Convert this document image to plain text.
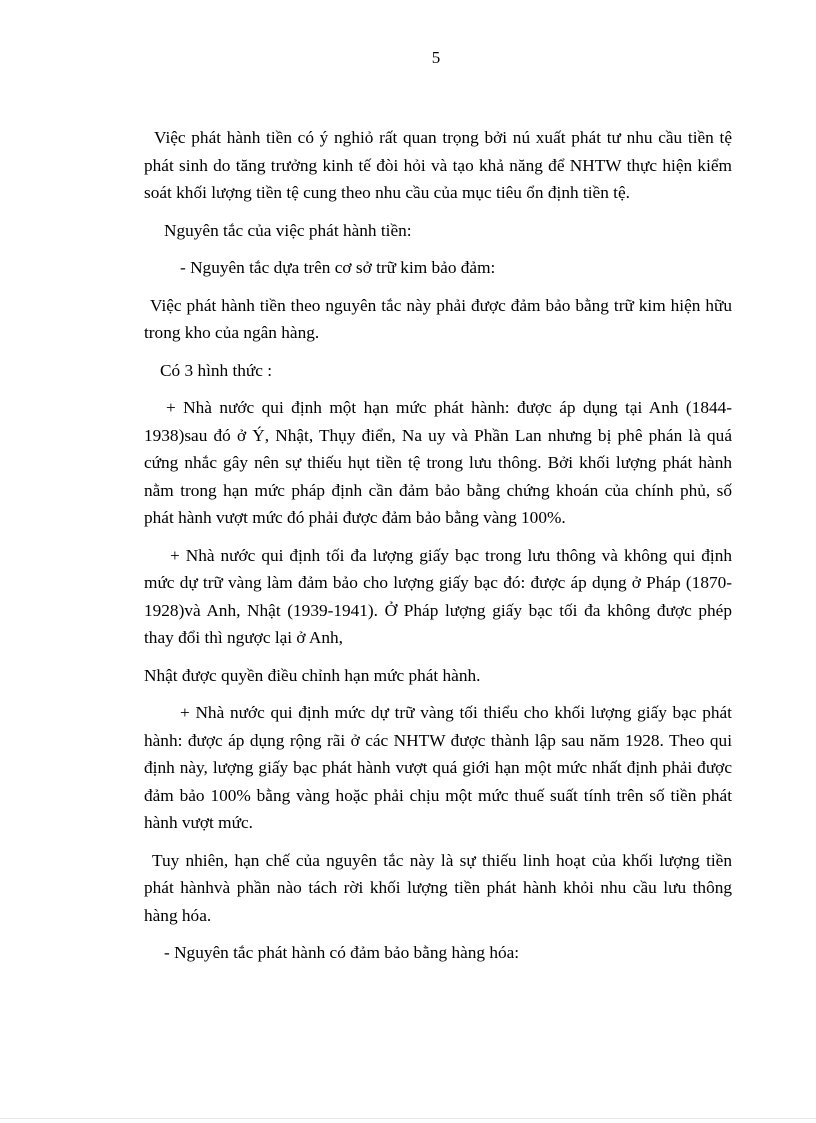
5

Việc phát hành tiền có ý nghiỏ rất quan trọng bởi nú xuất phát tư nhu cầu tiền tệ phát sinh do tăng trưởng kinh tế đòi hỏi và tạo khả năng để NHTW thực hiện kiểm soát khối lượng tiền tệ cung theo nhu cầu của mục tiêu ổn định tiền tệ.

Nguyên tắc của việc phát hành tiền:

- Nguyên tắc dựa trên cơ sở trữ kim bảo đảm:

Việc phát hành tiền theo nguyên tắc này phải được đảm bảo bằng trữ kim hiện hữu trong kho của ngân hàng.

Có 3 hình thức :

+ Nhà nước qui định một hạn mức phát hành: được áp dụng tại Anh (1844-1938)sau đó ở Ý, Nhật, Thụy điển, Na uy và Phần Lan nhưng bị phê phán là quá cứng nhắc gây nên sự thiếu hụt tiền tệ trong lưu thông. Bởi khối lượng phát hành nằm trong hạn mức pháp định cần đảm bảo bằng chứng khoán của chính phủ, số phát hành vượt mức đó phải được đảm bảo bằng vàng 100%.

+ Nhà nước qui định tối đa lượng giấy bạc trong lưu thông và không qui định mức dự trữ vàng làm đảm bảo cho lượng giấy bạc đó: được áp dụng ở Pháp (1870-1928)và Anh, Nhật (1939-1941). Ở Pháp lượng giấy bạc tối đa không được phép thay đổi thì ngược lại ở Anh,

Nhật được quyền điều chỉnh hạn mức phát hành.

+ Nhà nước qui định mức dự trữ vàng tối thiểu cho khối lượng giấy bạc phát hành: được áp dụng rộng rãi ở các NHTW được thành lập sau năm 1928. Theo qui định này, lượng giấy bạc phát hành vượt quá giới hạn một mức nhất định phải được đảm bảo 100% bằng vàng hoặc phải chịu một mức thuế suất tính trên số tiền phát hành vượt mức.

Tuy nhiên, hạn chế của nguyên tắc này là sự thiếu linh hoạt của khối lượng tiền phát hànhvà phần nào tách rời khối lượng tiền phát hành khỏi nhu cầu lưu thông hàng hóa.

- Nguyên tắc phát hành có đảm bảo bằng hàng hóa:
